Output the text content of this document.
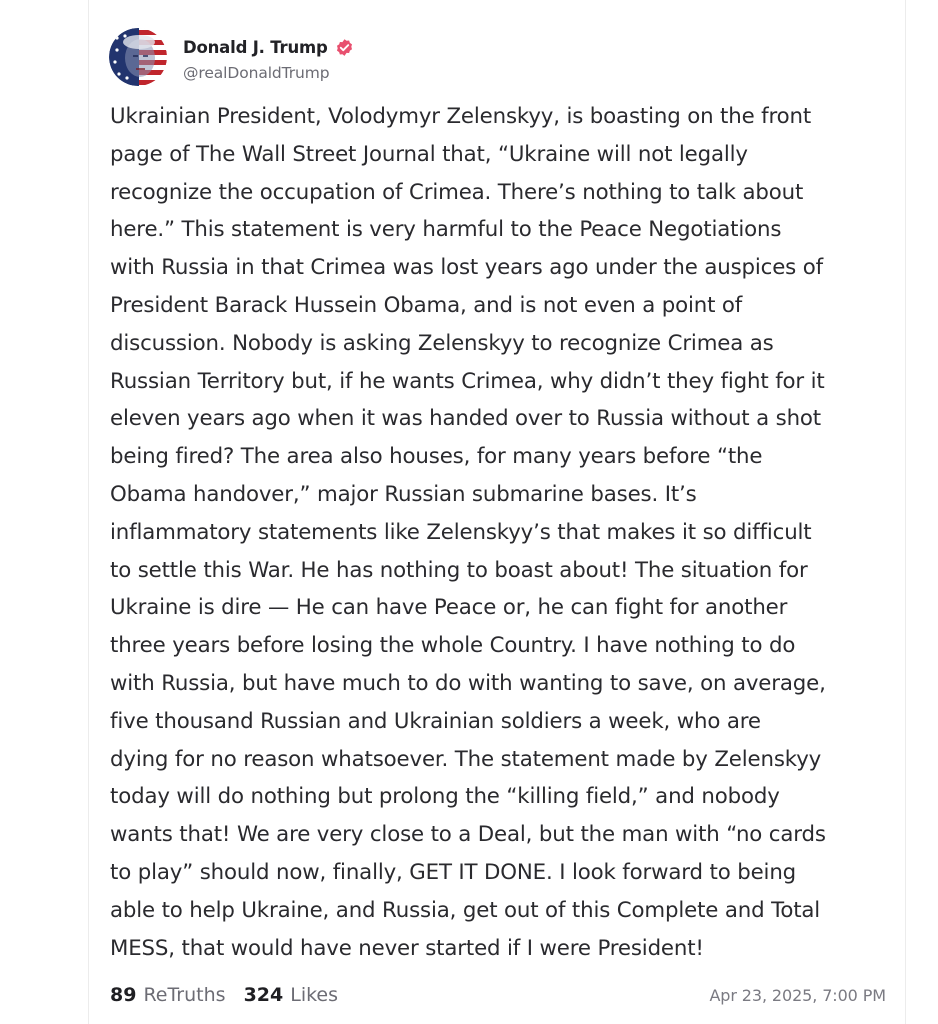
Donald J. Trump
@realDonaldTrump

Ukrainian President, Volodymyr Zelenskyy, is boasting on the front
page of The Wall Street Journal that, “Ukraine will not legally
recognize the occupation of Crimea. There’s nothing to talk about
here.” This statement is very harmful to the Peace Negotiations
with Russia in that Crimea was lost years ago under the auspices of
President Barack Hussein Obama, and is not even a point of
discussion. Nobody is asking Zelenskyy to recognize Crimea as
Russian Territory but, if he wants Crimea, why didn’t they fight for it
eleven years ago when it was handed over to Russia without a shot
being fired? The area also houses, for many years before “the
Obama handover,” major Russian submarine bases. It’s
inflammatory statements like Zelenskyy’s that makes it so difficult
to settle this War. He has nothing to boast about! The situation for
Ukraine is dire — He can have Peace or, he can fight for another
three years before losing the whole Country. I have nothing to do
with Russia, but have much to do with wanting to save, on average,
five thousand Russian and Ukrainian soldiers a week, who are
dying for no reason whatsoever. The statement made by Zelenskyy
today will do nothing but prolong the “killing field,” and nobody
wants that! We are very close to a Deal, but the man with “no cards
to play” should now, finally, GET IT DONE. I look forward to being
able to help Ukraine, and Russia, get out of this Complete and Total
MESS, that would have never started if I were President!

89 ReTruths 324 Likes	Apr 23, 2025, 7:00 PM
